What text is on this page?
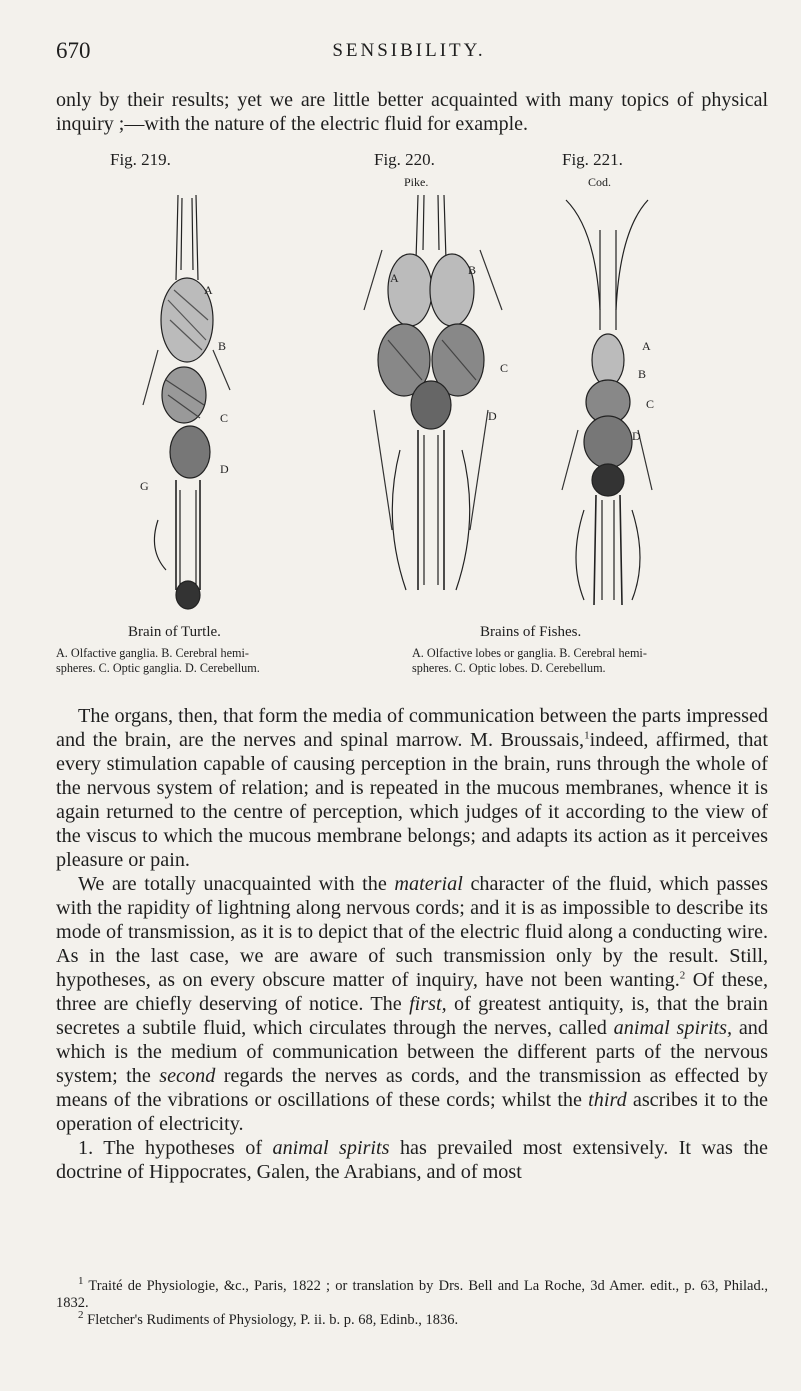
670	SENSIBILITY.
only by their results; yet we are little better acquainted with many topics of physical inquiry ;—with the nature of the electric fluid for example.
Fig. 219.	Fig. 220.	Fig. 221.
Pike.	Cod.
A
B
C
D
G
A
B
C
D
A
B
C
D
Brain of Turtle.	Brains of Fishes.
A. Olfactive ganglia. B. Cerebral hemi-
spheres. C. Optic ganglia. D. Cerebellum.
A. Olfactive lobes or ganglia. B. Cerebral hemi-
spheres. C. Optic lobes. D. Cerebellum.

The organs, then, that form the media of communication between the parts impressed and the brain, are the nerves and spinal marrow. M. Broussais,$^1$indeed, affirmed, that every stimulation capable of causing perception in the brain, runs through the whole of the nervous system of relation; and is repeated in the mucous membranes, whence it is again returned to the centre of perception, which judges of it according to the view of the viscus to which the mucous membrane belongs; and adapts its action as it perceives pleasure or pain.

We are totally unacquainted with the material character of the fluid, which passes with the rapidity of lightning along nervous cords; and it is as impossible to describe its mode of transmission, as it is to depict that of the electric fluid along a conducting wire. As in the last case, we are aware of such transmission only by the result. Still, hypotheses, as on every obscure matter of inquiry, have not been wanting.$^2$ Of these, three are chiefly deserving of notice. The first, of greatest antiquity, is, that the brain secretes a subtile fluid, which circulates through the nerves, called animal spirits, and which is the medium of communication between the different parts of the nervous system; the second regards the nerves as cords, and the transmission as effected by means of the vibrations or oscillations of these cords; whilst the third ascribes it to the operation of electricity.

1. The hypotheses of animal spirits has prevailed most extensively. It was the doctrine of Hippocrates, Galen, the Arabians, and of most

$^1$ Traité de Physiologie, &c., Paris, 1822 ; or translation by Drs. Bell and La Roche, 3d Amer. edit., p. 63, Philad., 1832.

$^2$ Fletcher's Rudiments of Physiology, P. ii. b. p. 68, Edinb., 1836.
